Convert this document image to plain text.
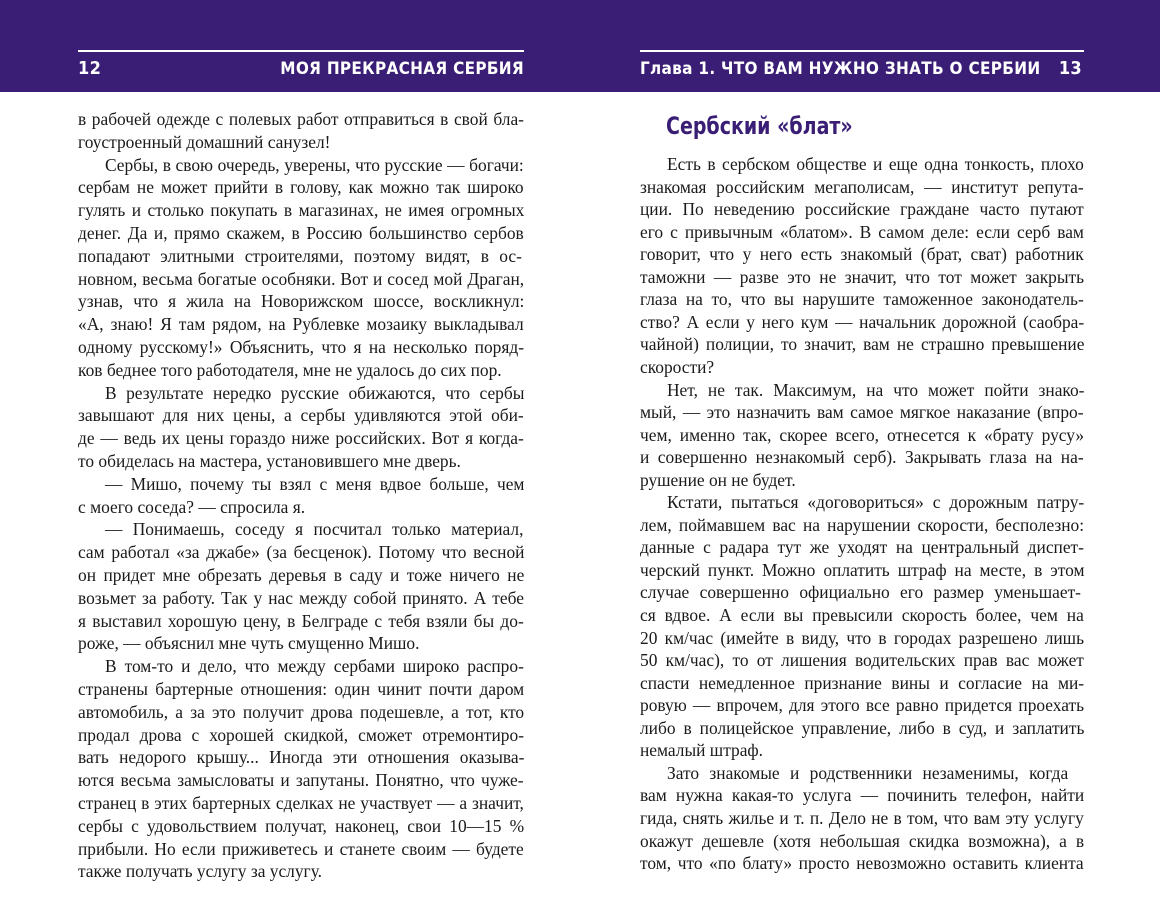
12	МОЯ ПРЕКРАСНАЯ СЕРБИЯ	Глава 1. ЧТО ВАМ НУЖНО ЗНАТЬ О СЕРБИИ 13
в рабочей одежде с полевых работ отправиться в свой бла-
гоустроенный домашний санузел!
Сербы, в свою очередь, уверены, что русские — богачи:
сербам не может прийти в голову, как можно так широко
гулять и столько покупать в магазинах, не имея огромных
денег. Да и, прямо скажем, в Россию большинство сербов
попадают элитными строителями, поэтому видят, в ос-
новном, весьма богатые особняки. Вот и сосед мой Драган,
узнав, что я жила на Новорижском шоссе, воскликнул:
«А, знаю! Я там рядом, на Рублевке мозаику выкладывал
одному русскому!» Объяснить, что я на несколько поряд-
ков беднее того работодателя, мне не удалось до сих пор.
В результате нередко русские обижаются, что сербы
завышают для них цены, а сербы удивляются этой оби-
де — ведь их цены гораздо ниже российских. Вот я когда-
то обиделась на мастера, установившего мне дверь.
— Мишо, почему ты взял с меня вдвое больше, чем
с моего соседа? — спросила я.
— Понимаешь, соседу я посчитал только материал,
сам работал «за джабе» (за бесценок). Потому что весной
он придет мне обрезать деревья в саду и тоже ничего не
возьмет за работу. Так у нас между собой принято. А тебе
я выставил хорошую цену, в Белграде с тебя взяли бы до-
роже, — объяснил мне чуть смущенно Мишо.
В том-то и дело, что между сербами широко распро-
странены бартерные отношения: один чинит почти даром
автомобиль, а за это получит дрова подешевле, а тот, кто
продал дрова с хорошей скидкой, сможет отремонтиро-
вать недорого крышу... Иногда эти отношения оказыва-
ются весьма замысловаты и запутаны. Понятно, что чуже-
странец в этих бартерных сделках не участвует — а значит,
сербы с удовольствием получат, наконец, свои 10—15 %
прибыли. Но если приживетесь и станете своим — будете
также получать услугу за услугу.
Сербский «блат»
Есть в сербском обществе и еще одна тонкость, плохо
знакомая российским мегаполисам, — институт репута-
ции. По неведению российские граждане часто путают
его с привычным «блатом». В самом деле: если серб вам
говорит, что у него есть знакомый (брат, сват) работник
таможни — разве это не значит, что тот может закрыть
глаза на то, что вы нарушите таможенное законодатель-
ство? А если у него кум — начальник дорожной (саобра-
чайной) полиции, то значит, вам не страшно превышение
скорости?
Нет, не так. Максимум, на что может пойти знако-
мый, — это назначить вам самое мягкое наказание (впро-
чем, именно так, скорее всего, отнесется к «брату русу»
и совершенно незнакомый серб). Закрывать глаза на на-
рушение он не будет.
Кстати, пытаться «договориться» с дорожным патру-
лем, поймавшем вас на нарушении скорости, бесполезно:
данные с радара тут же уходят на центральный диспет-
черский пункт. Можно оплатить штраф на месте, в этом
случае совершенно официально его размер уменьшает-
ся вдвое. А если вы превысили скорость более, чем на
20 км/час (имейте в виду, что в городах разрешено лишь
50 км/час), то от лишения водительских прав вас может
спасти немедленное признание вины и согласие на ми-
ровую — впрочем, для этого все равно придется проехать
либо в полицейское управление, либо в суд, и заплатить
немалый штраф.
Зато знакомые и родственники незаменимы, когда
вам нужна какая-то услуга — починить телефон, найти
гида, снять жилье и т. п. Дело не в том, что вам эту услугу
окажут дешевле (хотя небольшая скидка возможна), а в
том, что «по блату» просто невозможно оставить клиента
